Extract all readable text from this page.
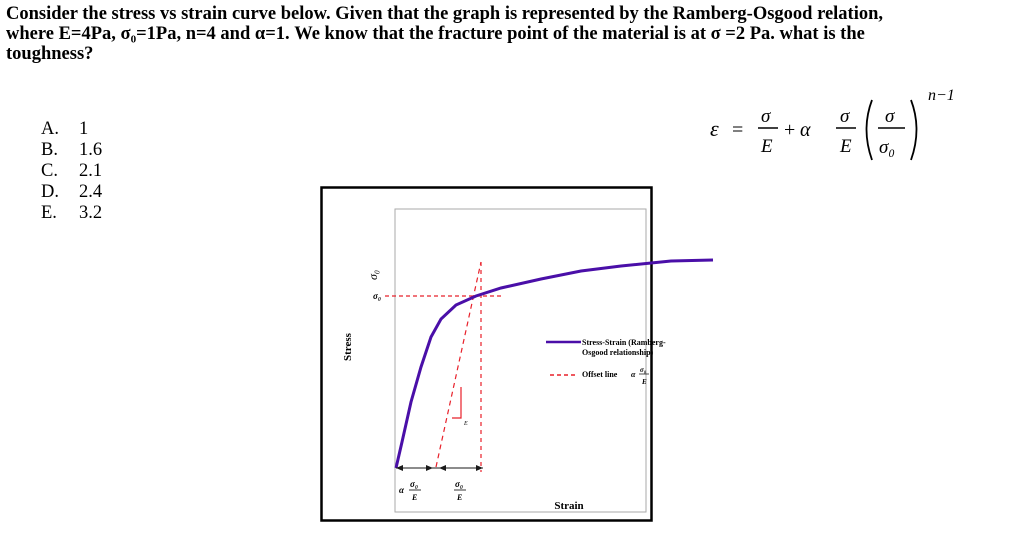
Consider the stress vs strain curve below. Given that the graph is represented by the Ramberg-Osgood relation,
where E=4Pa, σ₀=1Pa, n=4 and α=1. We know that the fracture point of the material is at σ =2 Pa. what is the
toughness?
A.	1
B.	1.6
C.	2.1
D.	2.4
E.	3.2
ε =
σ
E
+ α
σ
E
σ
σ₀
n−1
Stress
Strain
σ₀
σ₀
E
α
σ₀
E
σ₀
E
Stress-Strain (Ramberg-
Osgood relationship)
Offset line α σ₀
E
